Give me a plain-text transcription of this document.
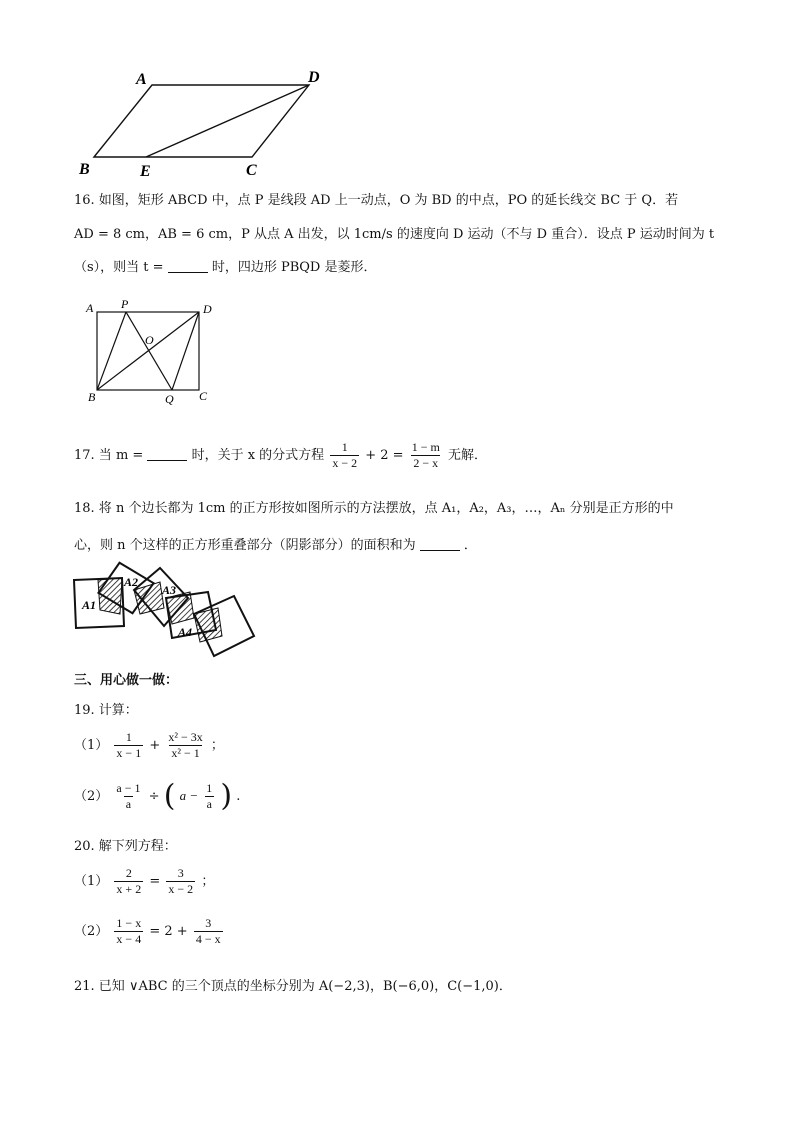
A	D
B	E	C
16. 如图，矩形 ABCD 中，点 P 是线段 AD 上一动点，O 为 BD 的中点，PO 的延长线交 BC 于 Q．若
AD = 8 cm，AB = 6 cm，P 从点 A 出发，以 1cm/s 的速度向 D 运动（不与 D 重合）．设点 P 运动时间为 t
（s），则当 t =	时，四边形 PBQD 是菱形．
A P	D
O
B	Q C
17. 当 m =	时，关于 x 的分式方程 $\frac{1}{x - 2} + 2 = \frac{1 - m}{2 - x}$ 无解．
18. 将 n 个边长都为 1cm 的正方形按如图所示的方法摆放，点 A₁，A₂，A₃，…，Aₙ 分别是正方形的中
心，则 n 个这样的正方形重叠部分（阴影部分）的面积和为	．
A1
A2
A3
A4
三、用心做一做：
19. 计算：
$(1) \frac{1}{x - 1} + \frac{\text{x² − 3x}}{\text{x² − 1}}$ ；
$(2) \frac{a - 1}{a}$ ÷ ( $a - \frac{1}{a}$ ) .
20. 解下列方程：
$(1) \frac{2}{x + 2} = \frac{3}{x - 2}$ ；
$(2) \frac{1 - x}{x - 4} = 2 + \frac{3}{4 - x}$
21. 已知 ∨ABC 的三个顶点的坐标分别为 A(−2,3)，B(−6,0)，C(−1,0)．
